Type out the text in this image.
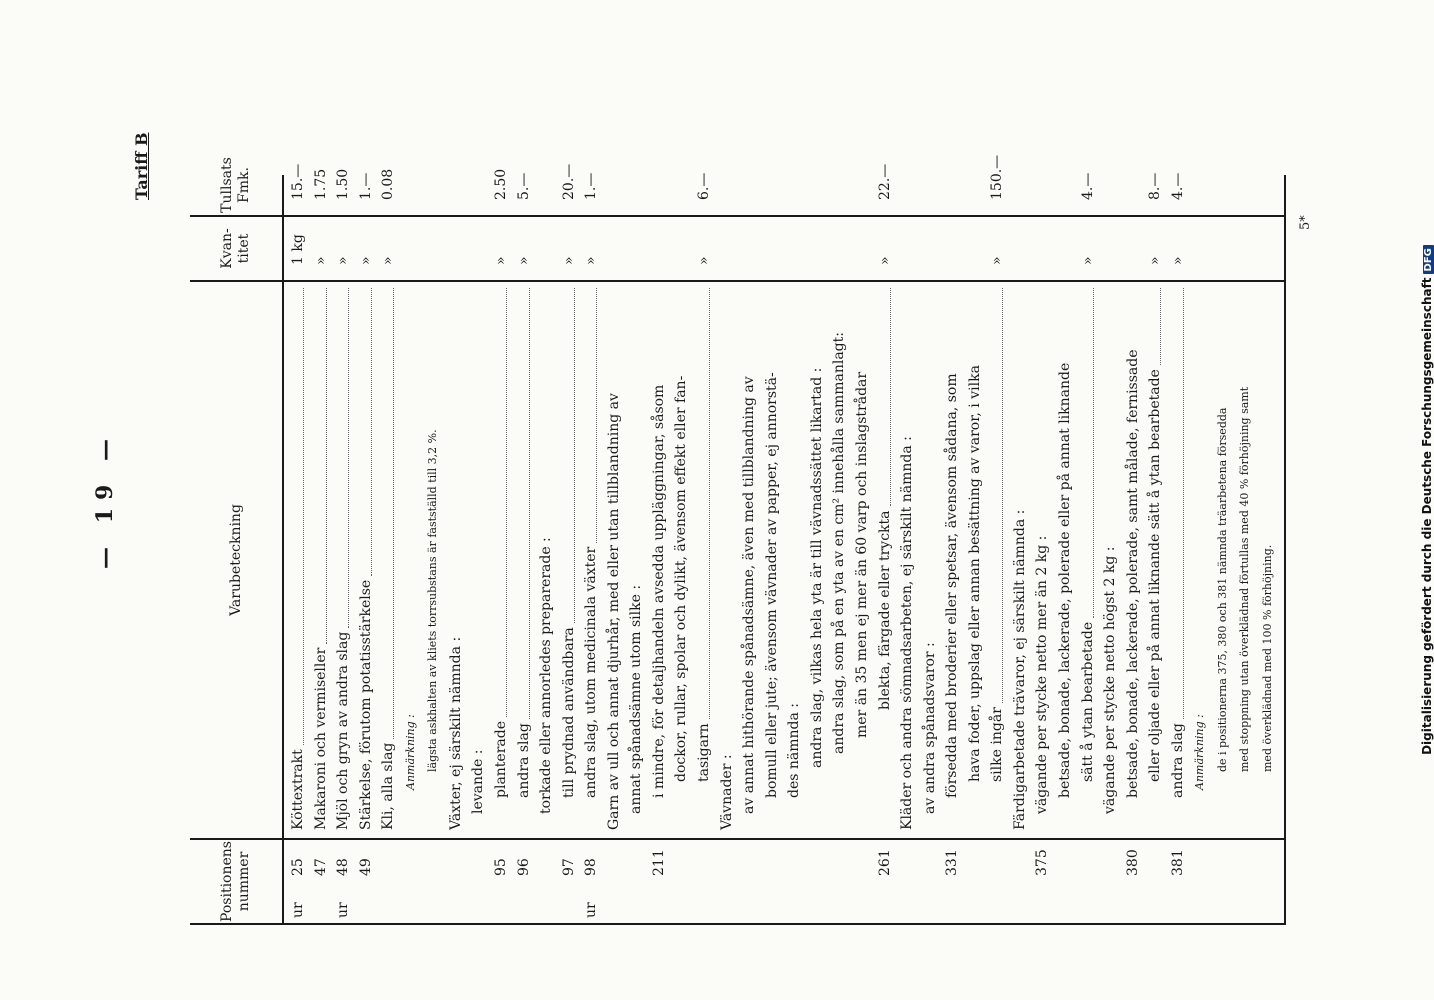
Digitalisierung gefördert durch die Deutsche ForschungsgemeinschaftDFG
— 19 —
Tariff B
ur
25
Köttextrakt
1 kg
15.—
47
Makaroni och vermiseller
»
1.75
ur
48
Mjöl och gryn av andra slag
»
1.50
49
Stärkelse, förutom potatisstärkelse
»
1.—
Kli, alla slag
»
0.08
Anmärkning : lägsta askhalten av kliets torrsubstans är fastställd till 3,2 %. Växter, ej särskilt nämnda : levande :
95
planterade
»
2.50
96
andra slag
»
5.—
torkade eller annorledes preparerade :
97
till prydnad användbara
»
20.—
ur
98
andra slag, utom medicinala växter
»
1.—
Garn av ull och annat djurhår, med eller utan tillblandning av annat spånadsämne utom silke :
211
i mindre, för detaljhandeln avsedda uppläggningar, såsom dockor, rullar, spolar och dylikt, ävensom effekt eller fan- tasigarn
»
6.—
Vävnader : av annat hithörande spånadsämne, även med tillblandning av bomull eller jute; ävensom vävnader av papper, ej annorstä- des nämnda : andra slag, vilkas hela yta är till vävnadssättet likartad : andra slag, som på en yta av en cm² innehålla sammanlagt: mer än 35 men ej mer än 60 varp och inslagstrådar
261
blekta, färgade eller tryckta
»
22.—
Kläder och andra sömnadsarbeten, ej särskilt nämnda : av andra spånadsvaror :
331
försedda med broderier eller spetsar, ävensom sådana, som hava foder, uppslag eller annan besättning av varor, i vilka silke ingår
»
150.—
Färdigarbetade trävaror, ej särskilt nämnda :
375
vägande per stycke netto mer än 2 kg : betsade, bonade, lackerade, polerade eller på annat liknande sätt å ytan bearbetade
»
4.—
vägande per stycke netto högst 2 kg :
380
betsade, bonade, lackerade, polerade, samt målade, fernissade eller oljade eller på annat liknande sätt å ytan bearbetade
»
8.—
381
andra slag
»
4.—
Anmärkning : de i positionerna 375, 380 och 381 nämnda träarbetena försedda med stoppning utan överklädnad förtullas med 40 % förhöjning samt med överklädnad med 100 % förhöjning.
5*
Positionens nummer
Varubeteckning
Kvan- titet
Tullsats Fmk.
